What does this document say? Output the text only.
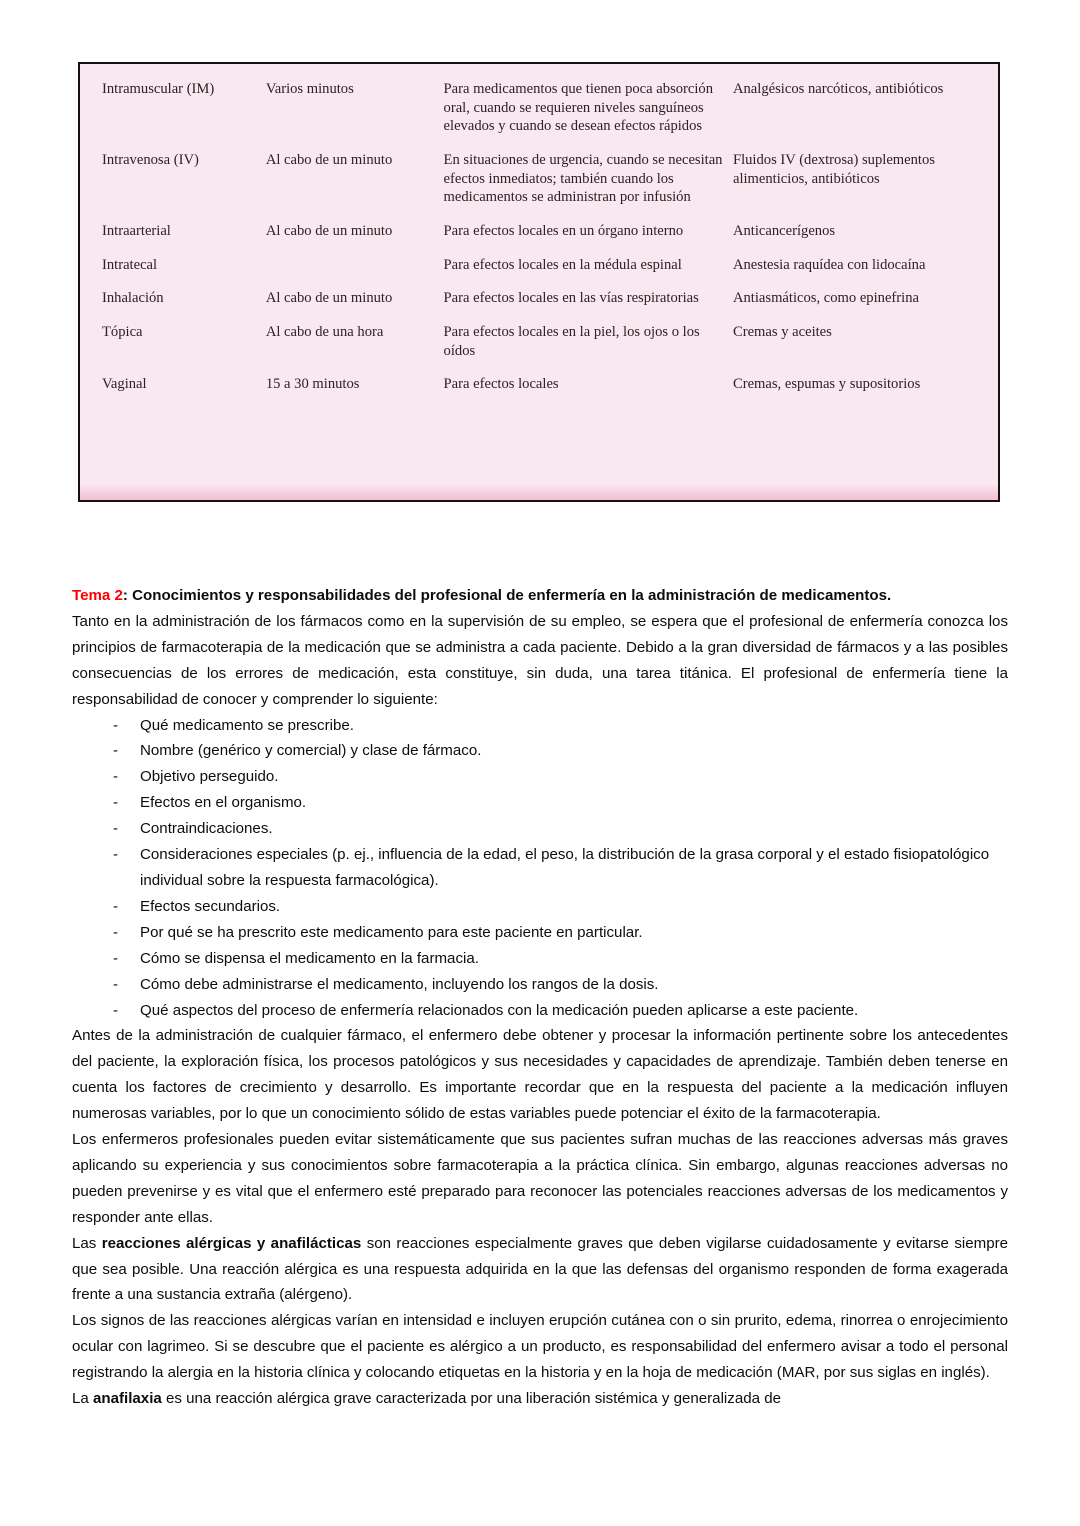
Intramuscular (IM)	Varios minutos	Para medicamentos que tienen poca absorción oral, cuando se requieren niveles sanguíneos elevados y cuando se desean efectos rápidos	Analgésicos narcóticos, antibióticos
Intravenosa (IV)	Al cabo de un minuto	En situaciones de urgencia, cuando se necesitan efectos inmediatos; también cuando los medicamentos se administran por infusión	Fluidos IV (dextrosa) suplementos alimenticios, antibióticos
Intraarterial	Al cabo de un minuto	Para efectos locales en un órgano interno	Anticancerígenos
Intratecal		Para efectos locales en la médula espinal	Anestesia raquídea con lidocaína
Inhalación	Al cabo de un minuto	Para efectos locales en las vías respiratorias	Antiasmáticos, como epinefrina
Tópica	Al cabo de una hora	Para efectos locales en la piel, los ojos o los oídos	Cremas y aceites
Vaginal	15 a 30 minutos	Para efectos locales	Cremas, espumas y supositorios

Tema 2: Conocimientos y responsabilidades del profesional de enfermería en la administración de medicamentos.

Tanto en la administración de los fármacos como en la supervisión de su empleo, se espera que el profesional de enfermería conozca los principios de farmacoterapia de la medicación que se administra a cada paciente. Debido a la gran diversidad de fármacos y a las posibles consecuencias de los errores de medicación, esta constituye, sin duda, una tarea titánica. El profesional de enfermería tiene la responsabilidad de conocer y comprender lo siguiente:

- Qué medicamento se prescribe.
- Nombre (genérico y comercial) y clase de fármaco.
- Objetivo perseguido.
- Efectos en el organismo.
- Contraindicaciones.
- Consideraciones especiales (p. ej., influencia de la edad, el peso, la distribución de la grasa corporal y el estado fisiopatológico individual sobre la respuesta farmacológica).
- Efectos secundarios.
- Por qué se ha prescrito este medicamento para este paciente en particular.
- Cómo se dispensa el medicamento en la farmacia.
- Cómo debe administrarse el medicamento, incluyendo los rangos de la dosis.
- Qué aspectos del proceso de enfermería relacionados con la medicación pueden aplicarse a este paciente.

Antes de la administración de cualquier fármaco, el enfermero debe obtener y procesar la información pertinente sobre los antecedentes del paciente, la exploración física, los procesos patológicos y sus necesidades y capacidades de aprendizaje. También deben tenerse en cuenta los factores de crecimiento y desarrollo. Es importante recordar que en la respuesta del paciente a la medicación influyen numerosas variables, por lo que un conocimiento sólido de estas variables puede potenciar el éxito de la farmacoterapia.

Los enfermeros profesionales pueden evitar sistemáticamente que sus pacientes sufran muchas de las reacciones adversas más graves aplicando su experiencia y sus conocimientos sobre farmacoterapia a la práctica clínica. Sin embargo, algunas reacciones adversas no pueden prevenirse y es vital que el enfermero esté preparado para reconocer las potenciales reacciones adversas de los medicamentos y responder ante ellas.

Las reacciones alérgicas y anafilácticas son reacciones especialmente graves que deben vigilarse cuidadosamente y evitarse siempre que sea posible. Una reacción alérgica es una respuesta adquirida en la que las defensas del organismo responden de forma exagerada frente a una sustancia extraña (alérgeno).

Los signos de las reacciones alérgicas varían en intensidad e incluyen erupción cutánea con o sin prurito, edema, rinorrea o enrojecimiento ocular con lagrimeo. Si se descubre que el paciente es alérgico a un producto, es responsabilidad del enfermero avisar a todo el personal registrando la alergia en la historia clínica y colocando etiquetas en la historia y en la hoja de medicación (MAR, por sus siglas en inglés).

La anafilaxia es una reacción alérgica grave caracterizada por una liberación sistémica y generalizada de
